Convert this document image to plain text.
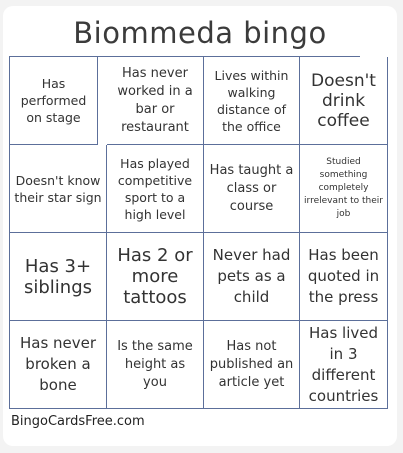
Biommeda bingo
Has performed on stage
Has never worked in a bar or restaurant
Lives within walking distance of the office
Doesn't drink coffee
Doesn't know their star sign
Has played competitive sport to a high level
Has taught a class or course
Studied something completely irrelevant to their job
Has 3+ siblings
Has 2 or more tattoos
Never had pets as a child
Has been quoted in the press
Has never broken a bone
Is the same height as you
Has not published an article yet
Has lived in 3 different countries
BingoCardsFree.com
